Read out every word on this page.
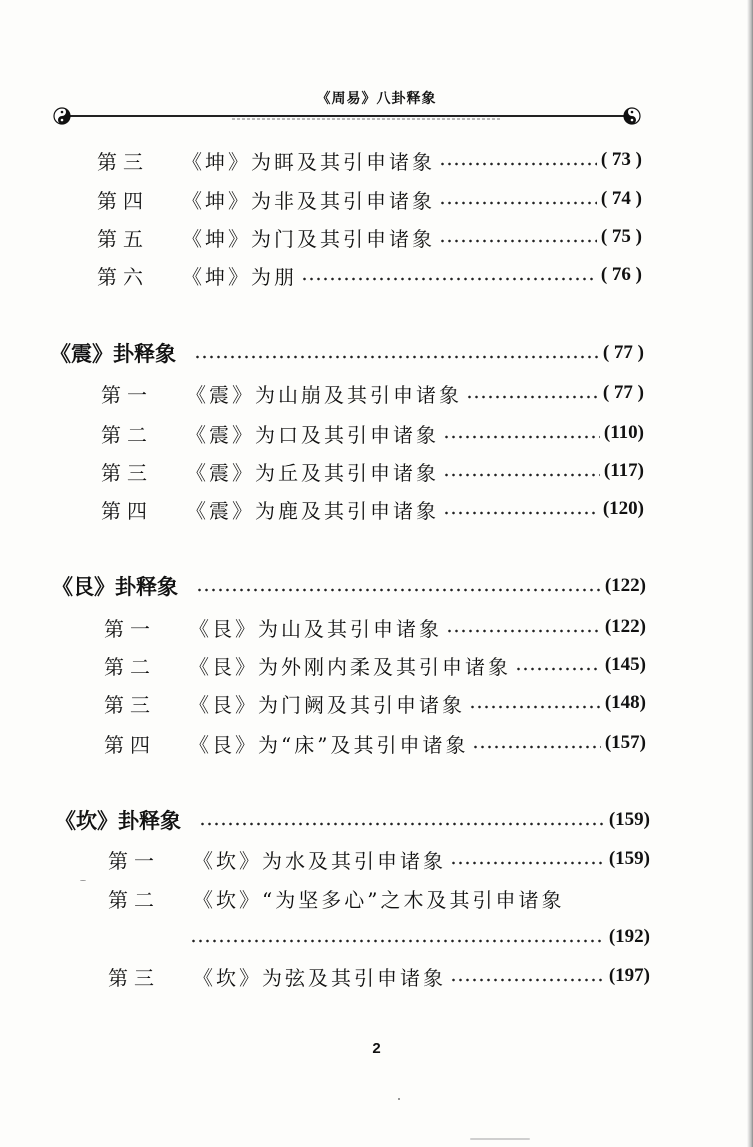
《周易》八卦释象
第三	《坤》为眲及其引申诸象	( 73 )
第四	《坤》为非及其引申诸象	( 74 )
第五	《坤》为门及其引申诸象	( 75 )
第六	《坤》为朋	( 76 )
《震》卦释象	( 77 )
第一	《震》为山崩及其引申诸象	( 77 )
第二	《震》为口及其引申诸象	(110)
第三	《震》为丘及其引申诸象	(117)
第四	《震》为鹿及其引申诸象	(120)
《艮》卦释象	(122)
第一	《艮》为山及其引申诸象	(122)
第二	《艮》为外刚内柔及其引申诸象	(145)
第三	《艮》为门阙及其引申诸象	(148)
第四	《艮》为“床”及其引申诸象	(157)
《坎》卦释象	(159)
第一	《坎》为水及其引申诸象	(159)
第二	《坎》“为坚多心”之木及其引申诸象
(192)
第三	《坎》为弦及其引申诸象	(197)
2
